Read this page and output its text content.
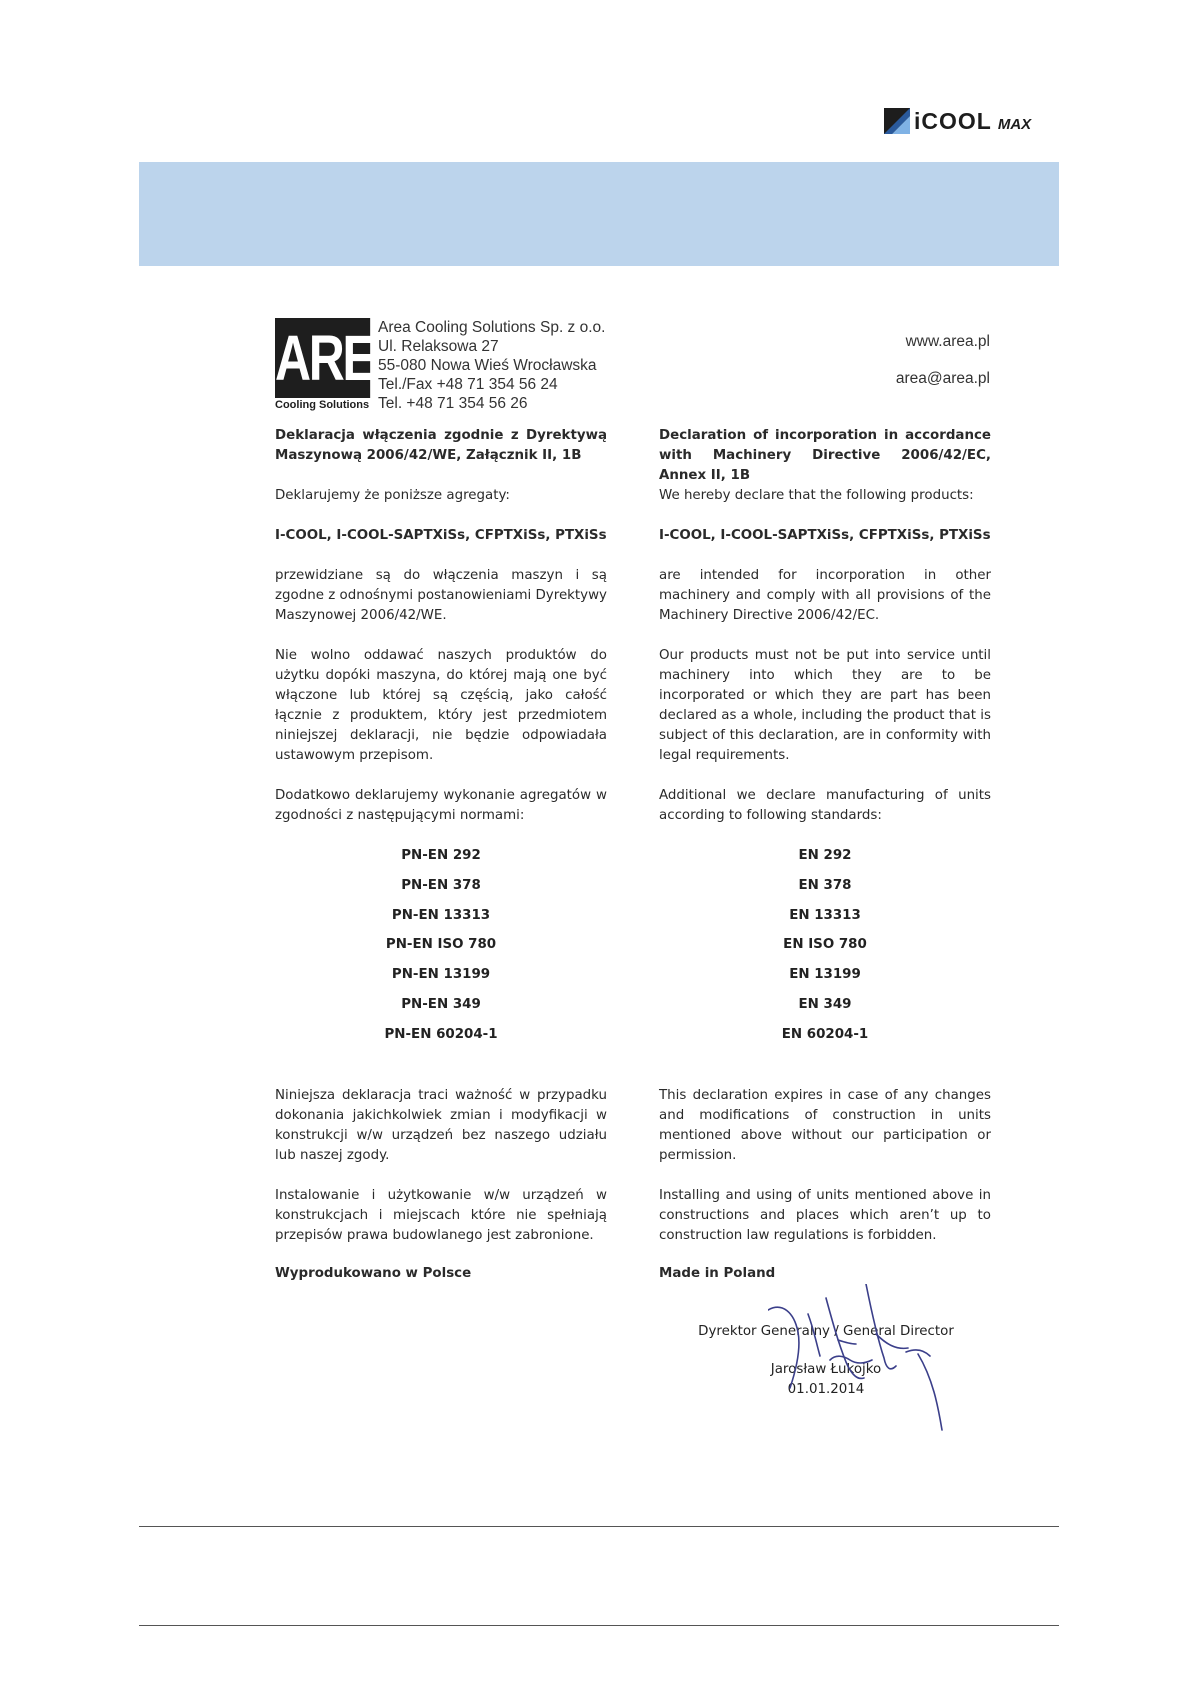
iCOOL MAX
AREA
Cooling Solutions
Area Cooling Solutions Sp. z o.o.
Ul. Relaksowa 27
55-080 Nowa Wieś Wrocławska
Tel./Fax +48 71 354 56 24
Tel. +48 71 354 56 26
www.area.pl
area@area.pl
Deklaracja włączenia zgodnie z Dyrektywą Maszynową 2006/42/WE, Załącznik II, 1B
Deklarujemy że poniższe agregaty:
I-COOL, I-COOL-SAPTXiSs, CFPTXiSs, PTXiSs
przewidziane są do włączenia maszyn i są zgodne z odnośnymi postanowieniami Dyrektywy Maszynowej 2006/42/WE.
Nie wolno oddawać naszych produktów do użytku dopóki maszyna, do której mają one być włączone lub której są częścią, jako całość łącznie z produktem, który jest przedmiotem niniejszej deklaracji, nie będzie odpowiadała ustawowym przepisom.
Dodatkowo deklarujemy wykonanie agregatów w zgodności z następującymi normami:
PN-EN 292
PN-EN 378
PN-EN 13313
PN-EN ISO 780
PN-EN 13199
PN-EN 349
PN-EN 60204-1
Niniejsza deklaracja traci ważność w przypadku dokonania jakichkolwiek zmian i modyfikacji w konstrukcji w/w urządzeń bez naszego udziału lub naszej zgody.
Instalowanie i użytkowanie w/w urządzeń w konstrukcjach i miejscach które nie spełniają przepisów prawa budowlanego jest zabronione.
Wyprodukowano w Polsce
Declaration of incorporation in accordance with Machinery Directive 2006/42/EC, Annex II, 1B
We hereby declare that the following products:
I-COOL, I-COOL-SAPTXiSs, CFPTXiSs, PTXiSs
are intended for incorporation in other machinery and comply with all provisions of the Machinery Directive 2006/42/EC.
Our products must not be put into service until machinery into which they are to be incorporated or which they are part has been declared as a whole, including the product that is subject of this declaration, are in conformity with legal requirements.
Additional we declare manufacturing of units according to following standards:
EN 292
EN 378
EN 13313
EN ISO 780
EN 13199
EN 349
EN 60204-1
This declaration expires in case of any changes and modifications of construction in units mentioned above without our participation or permission.
Installing and using of units mentioned above in constructions and places which aren’t up to construction law regulations is forbidden.
Made in Poland
Dyrektor Generalny / General Director
Jarosław Łukojko
01.01.2014
